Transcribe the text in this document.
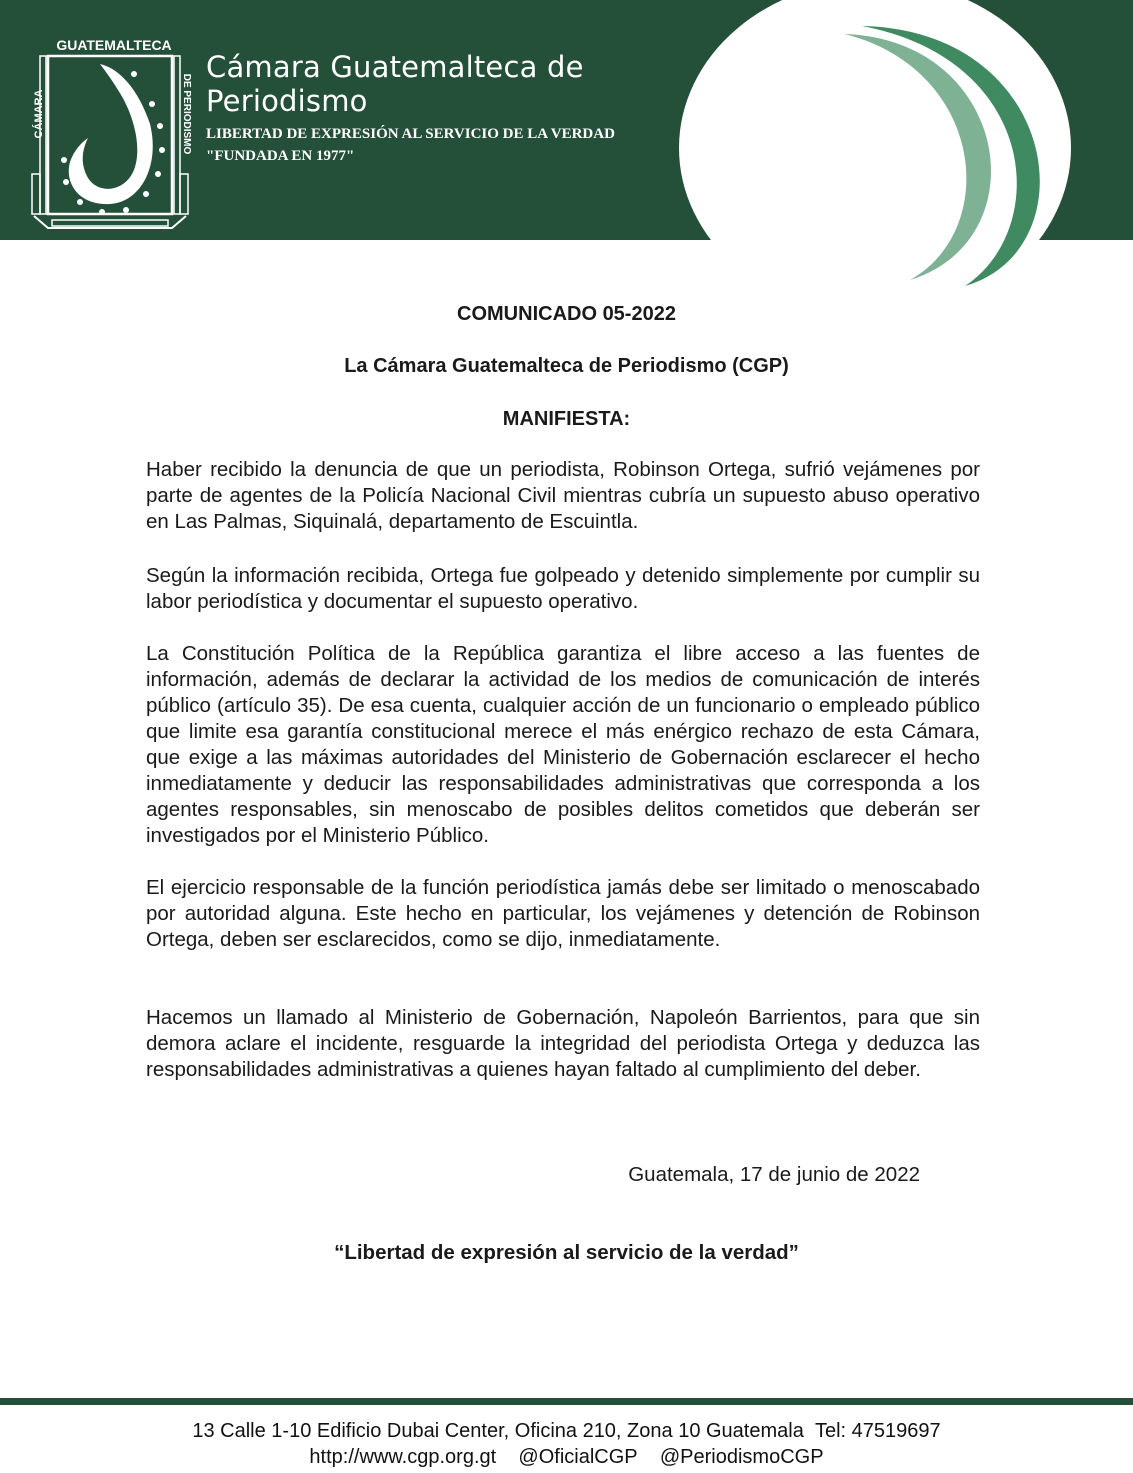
GUATEMALTECA
CÁMARA	DE PERIODISMO
Cámara Guatemalteca de
Periodismo
LIBERTAD DE EXPRESIÓN AL SERVICIO DE LA VERDAD
"FUNDADA EN 1977"
COMUNICADO 05-2022
La Cámara Guatemalteca de Periodismo (CGP)
MANIFIESTA:

Haber recibido la denuncia de que un periodista, Robinson Ortega, sufrió vejámenes por parte de agentes de la Policía Nacional Civil mientras cubría un supuesto abuso operativo en Las Palmas, Siquinalá, departamento de Escuintla.

Según la información recibida, Ortega fue golpeado y detenido simplemente por cumplir su labor periodística y documentar el supuesto operativo.

La Constitución Política de la República garantiza el libre acceso a las fuentes de información, además de declarar la actividad de los medios de comunicación de interés público (artículo 35). De esa cuenta, cualquier acción de un funcionario o empleado público que limite esa garantía constitucional merece el más enérgico rechazo de esta Cámara, que exige a las máximas autoridades del Ministerio de Gobernación esclarecer el hecho inmediatamente y deducir las responsabilidades administrativas que corresponda a los agentes responsables, sin menoscabo de posibles delitos cometidos que deberán ser investigados por el Ministerio Público.

El ejercicio responsable de la función periodística jamás debe ser limitado o menoscabado por autoridad alguna. Este hecho en particular, los vejámenes y detención de Robinson Ortega, deben ser esclarecidos, como se dijo, inmediatamente.

Hacemos un llamado al Ministerio de Gobernación, Napoleón Barrientos, para que sin demora aclare el incidente, resguarde la integridad del periodista Ortega y deduzca las responsabilidades administrativas a quienes hayan faltado al cumplimiento del deber.

Guatemala, 17 de junio de 2022
“Libertad de expresión al servicio de la verdad”
13 Calle 1-10 Edificio Dubai Center, Oficina 210, Zona 10 Guatemala Tel: 47519697
http://www.cgp.org.gt @OficialCGP @PeriodismoCGP
